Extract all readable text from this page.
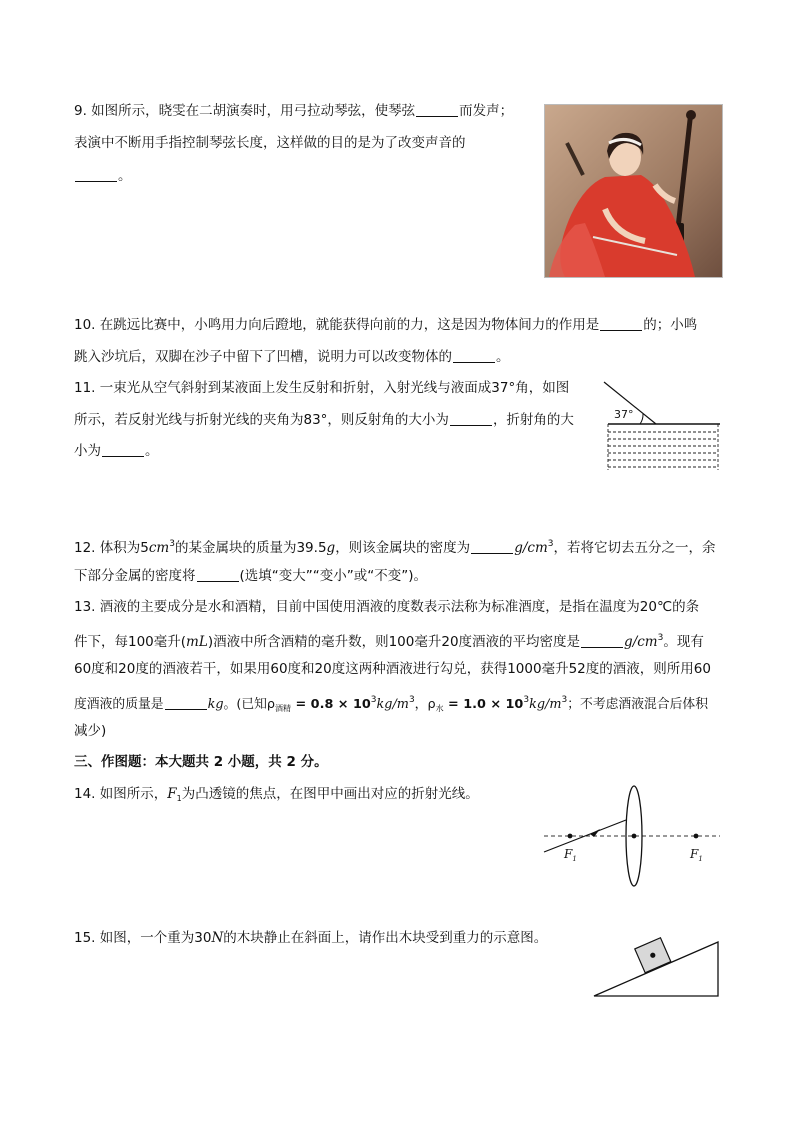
9. 如图所示，晓雯在二胡演奏时，用弓拉动琴弦，使琴弦	而发声；
表演中不断用手指控制琴弦长度，这样做的目的是为了改变声音的
。
10. 在跳远比赛中，小鸣用力向后蹬地，就能获得向前的力，这是因为物体间力的作用是	的；小鸣
跳入沙坑后，双脚在沙子中留下了凹槽，说明力可以改变物体的	。
11. 一束光从空气斜射到某液面上发生反射和折射，入射光线与液面成37°角，如图
所示，若反射光线与折射光线的夹角为83°，则反射角的大小为	，折射角的大
小为	。
37°
12. 体积为$5cm^3$的某金属块的质量为39.5g，则该金属块的密度为	$g/cm^3$，若将它切去五分之一，余
下部分金属的密度将	(选填“变大”“变小”或“不变”)。
13. 酒液的主要成分是水和酒精，目前中国使用酒液的度数表示法称为标准酒度，是指在温度为20℃的条
件下，每100毫升(mL)酒液中所含酒精的毫升数，则100毫升20度酒液的平均密度是	$g/cm^3$。现有
60度和20度的酒液若干，如果用60度和20度这两种酒液进行勾兑，获得1000毫升52度的酒液，则所用60
度酒液的质量是	kg。(已知$\rho_{酒精} = 0.8 \times 10^3kg/m^3$，$\rho_水 = 1.0 \times 10^3kg/m^3$；不考虑酒液混合后体积
减少)
三、作图题：本大题共 2 小题，共 2 分。
14. 如图所示，$F_1$为凸透镜的焦点，在图甲中画出对应的折射光线。
$F_1$	$F_1$
15. 如图，一个重为30N的木块静止在斜面上，请作出木块受到重力的示意图。
